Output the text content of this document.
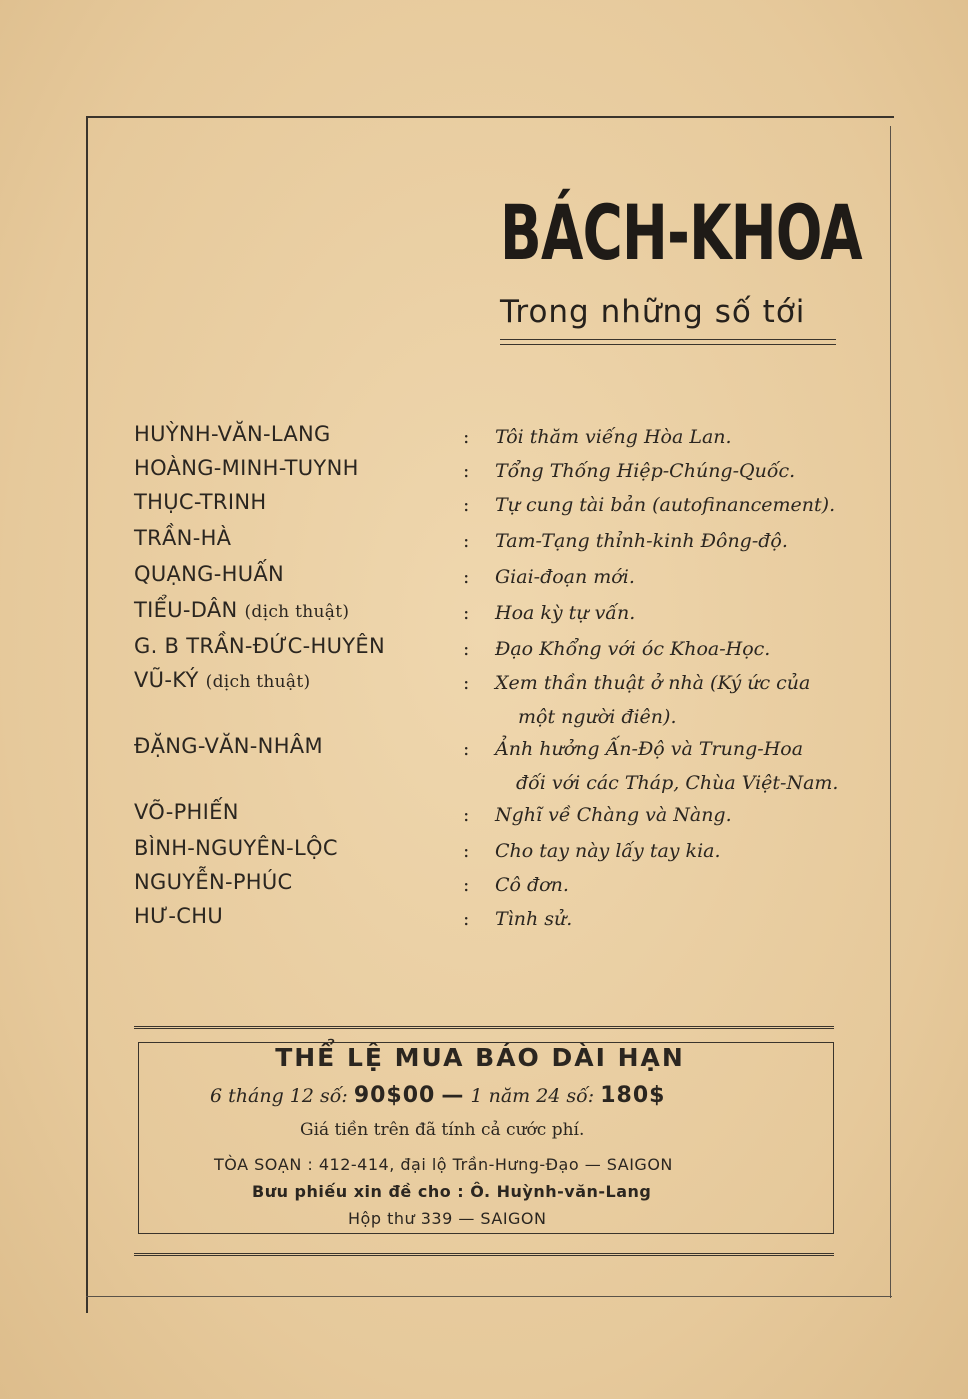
BÁCH-KHOA
Trong những số tới
HUỲNH-VĂN-LANG	: Tôi thăm viếng Hòa Lan.
HOÀNG-MINH-TUYNH	: Tổng Thống Hiệp-Chúng-Quốc.
THỤC-TRINH	: Tự cung tài bản (autofinancement).
TRẦN-HÀ	: Tam-Tạng thỉnh-kinh Đông-độ.
QUẠNG-HUẤN	: Giai-đoạn mới.
TIỂU-DÂN (dịch thuật)	: Hoa kỳ tự vấn.
G. B TRẦN-ĐỨC-HUYÊN	: Đạo Khổng với óc Khoa-Học.
VŨ-KÝ (dịch thuật)	: Xem thần thuật ở nhà (Ký ức của
một người điên).
ĐẶNG-VĂN-NHÂM	: Ảnh hưởng Ấn-Độ và Trung-Hoa
đối với các Tháp, Chùa Việt-Nam.
VÕ-PHIẾN	: Nghĩ về Chàng và Nàng.
BÌNH-NGUYÊN-LỘC	: Cho tay này lấy tay kia.
NGUYỄN-PHÚC	: Cô đơn.
HƯ-CHU	: Tình sử.
THỂ LỆ MUA BÁO DÀI HẠN
6 tháng 12 số: 90$00 — 1 năm 24 số: 180$
Giá tiền trên đã tính cả cước phí.
TÒA SOẠN : 412-414, đại lộ Trần-Hưng-Đạo — SAIGON
Bưu phiếu xin đề cho : Ô. Huỳnh-văn-Lang
Hộp thư 339 — SAIGON
